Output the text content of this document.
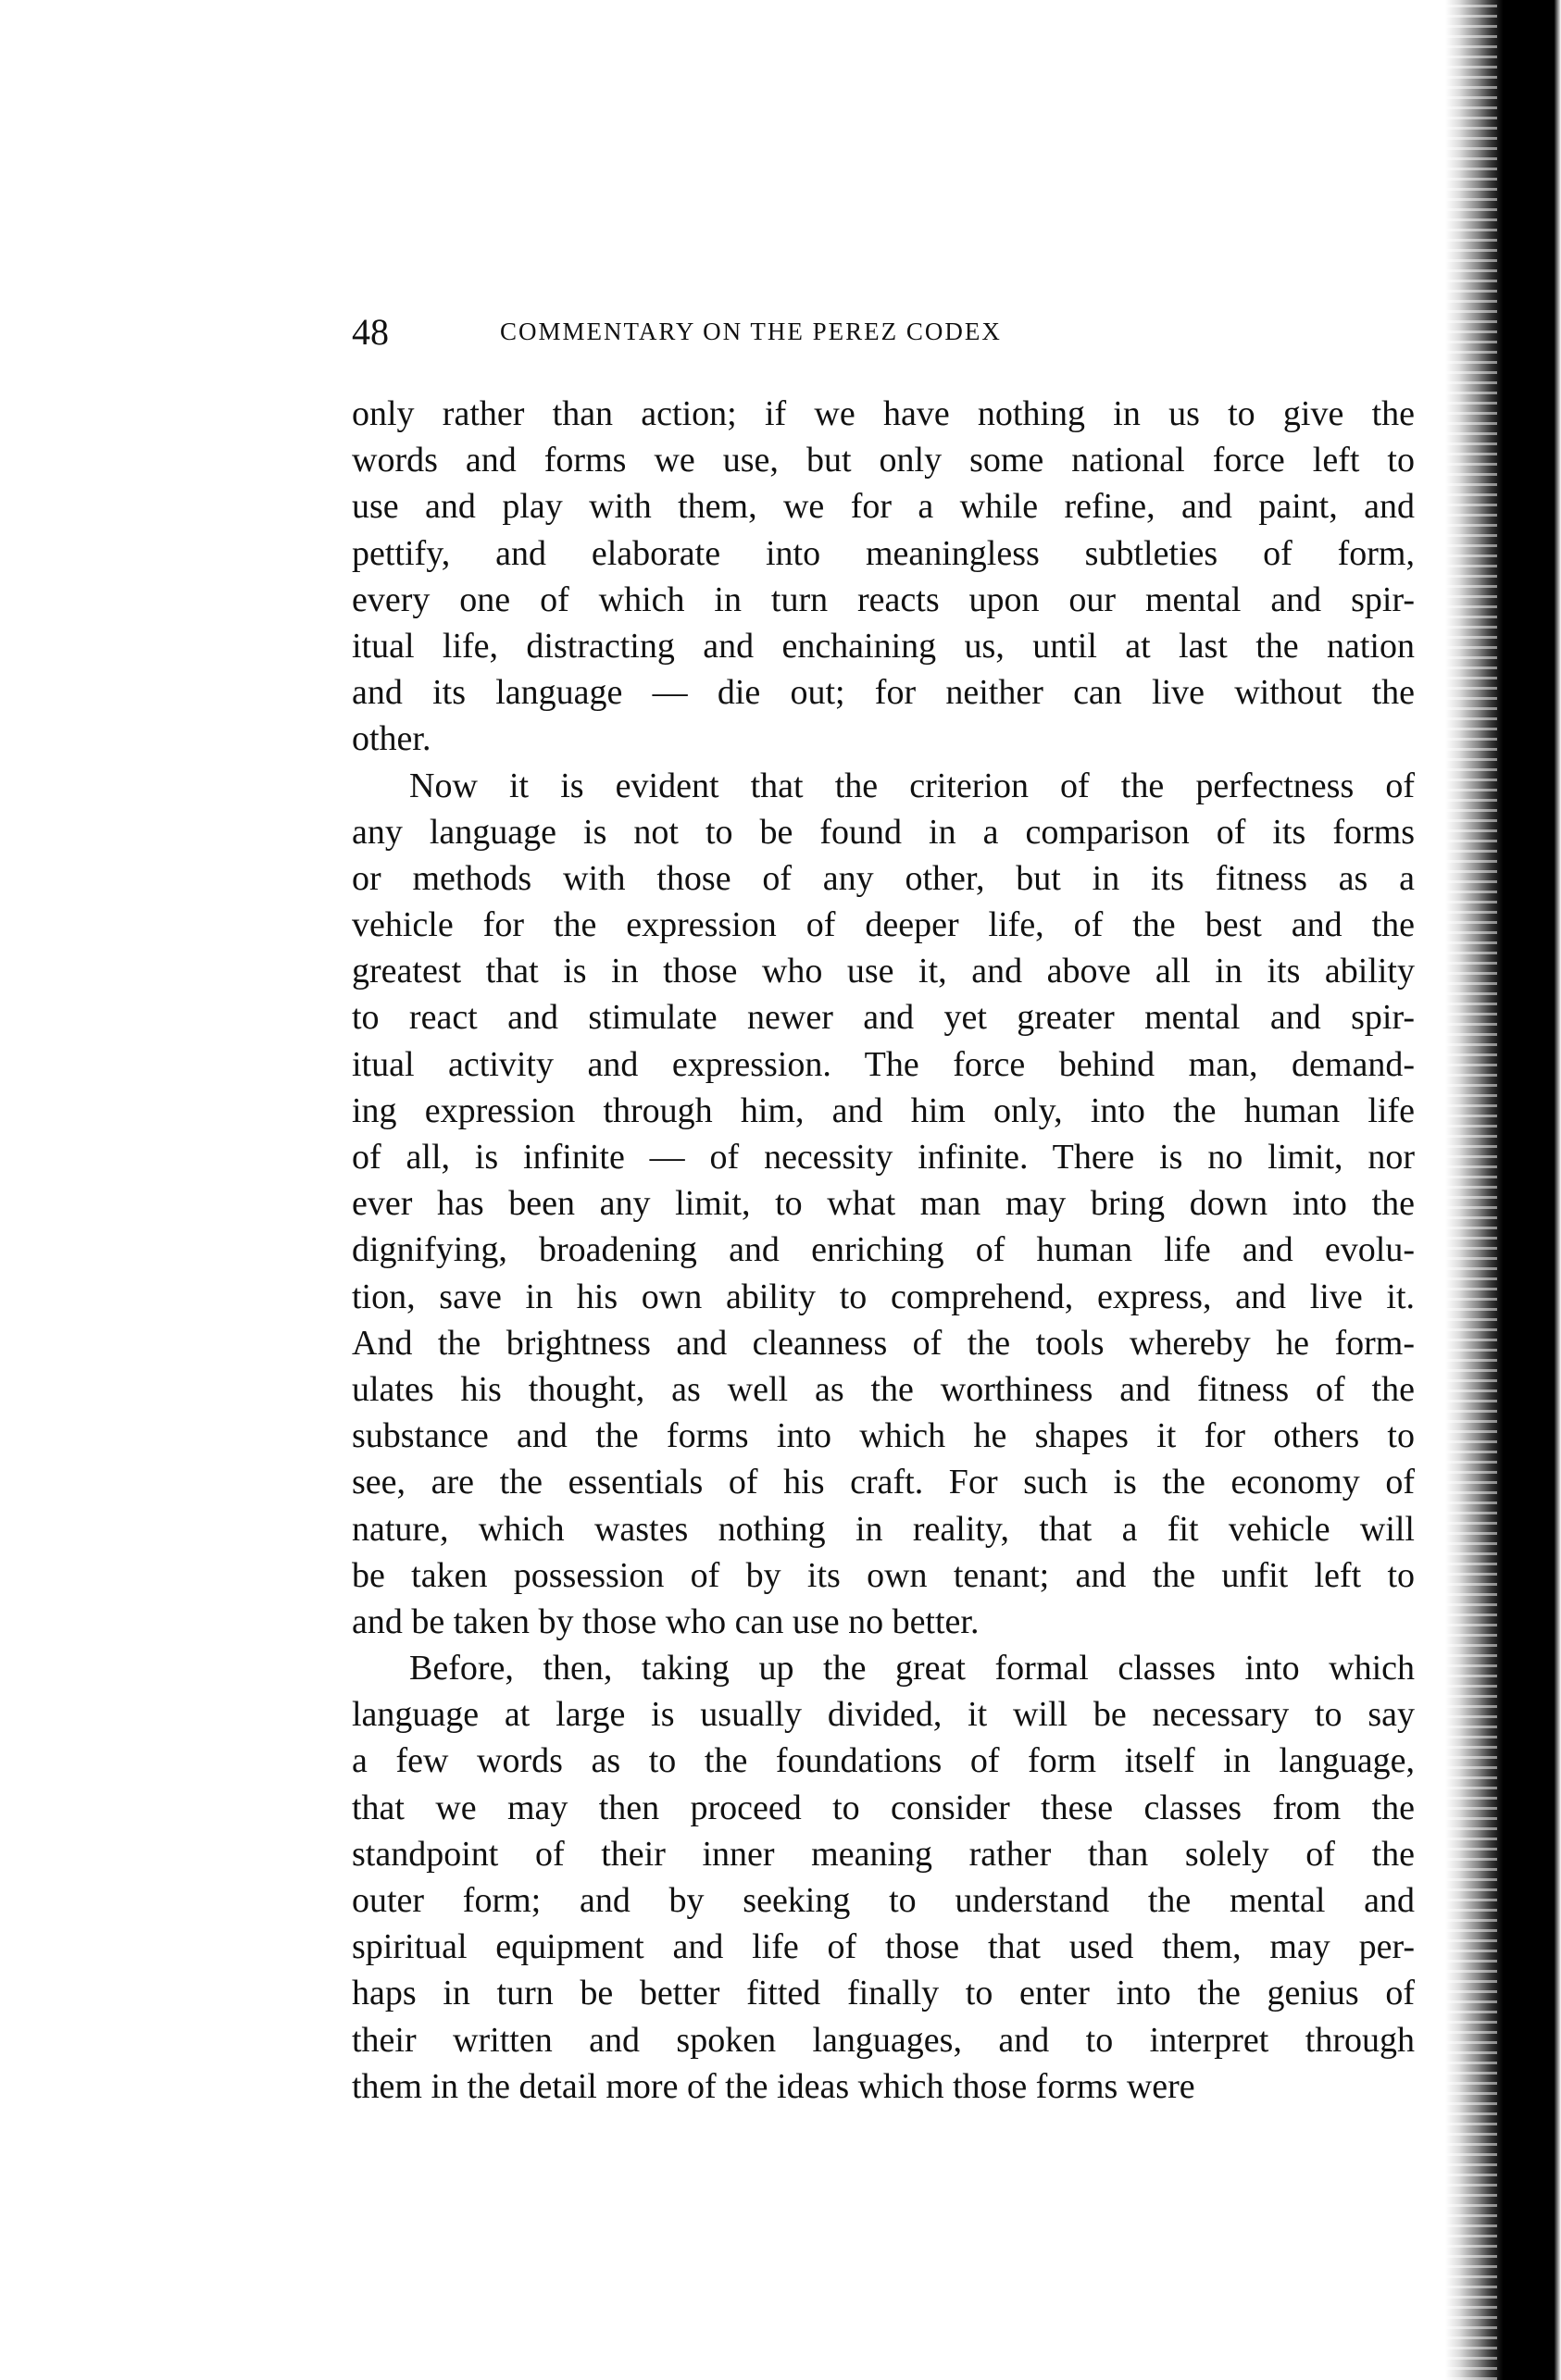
48	COMMENTARY ON THE PEREZ CODEX
only rather than action; if we have nothing in us to give the
words and forms we use, but only some national force left to
use and play with them, we for a while refine, and paint, and
pettify, and elaborate into meaningless subtleties of form,
every one of which in turn reacts upon our mental and spir-
itual life, distracting and enchaining us, until at last the nation
and its language — die out; for neither can live without the
other.
Now it is evident that the criterion of the perfectness of
any language is not to be found in a comparison of its forms
or methods with those of any other, but in its fitness as a
vehicle for the expression of deeper life, of the best and the
greatest that is in those who use it, and above all in its ability
to react and stimulate newer and yet greater mental and spir-
itual activity and expression. The force behind man, demand-
ing expression through him, and him only, into the human life
of all, is infinite — of necessity infinite. There is no limit, nor
ever has been any limit, to what man may bring down into the
dignifying, broadening and enriching of human life and evolu-
tion, save in his own ability to comprehend, express, and live it.
And the brightness and cleanness of the tools whereby he form-
ulates his thought, as well as the worthiness and fitness of the
substance and the forms into which he shapes it for others to
see, are the essentials of his craft. For such is the economy of
nature, which wastes nothing in reality, that a fit vehicle will
be taken possession of by its own tenant; and the unfit left to
and be taken by those who can use no better.
Before, then, taking up the great formal classes into which
language at large is usually divided, it will be necessary to say
a few words as to the foundations of form itself in language,
that we may then proceed to consider these classes from the
standpoint of their inner meaning rather than solely of the
outer form; and by seeking to understand the mental and
spiritual equipment and life of those that used them, may per-
haps in turn be better fitted finally to enter into the genius of
their written and spoken languages, and to interpret through
them in the detail more of the ideas which those forms were
